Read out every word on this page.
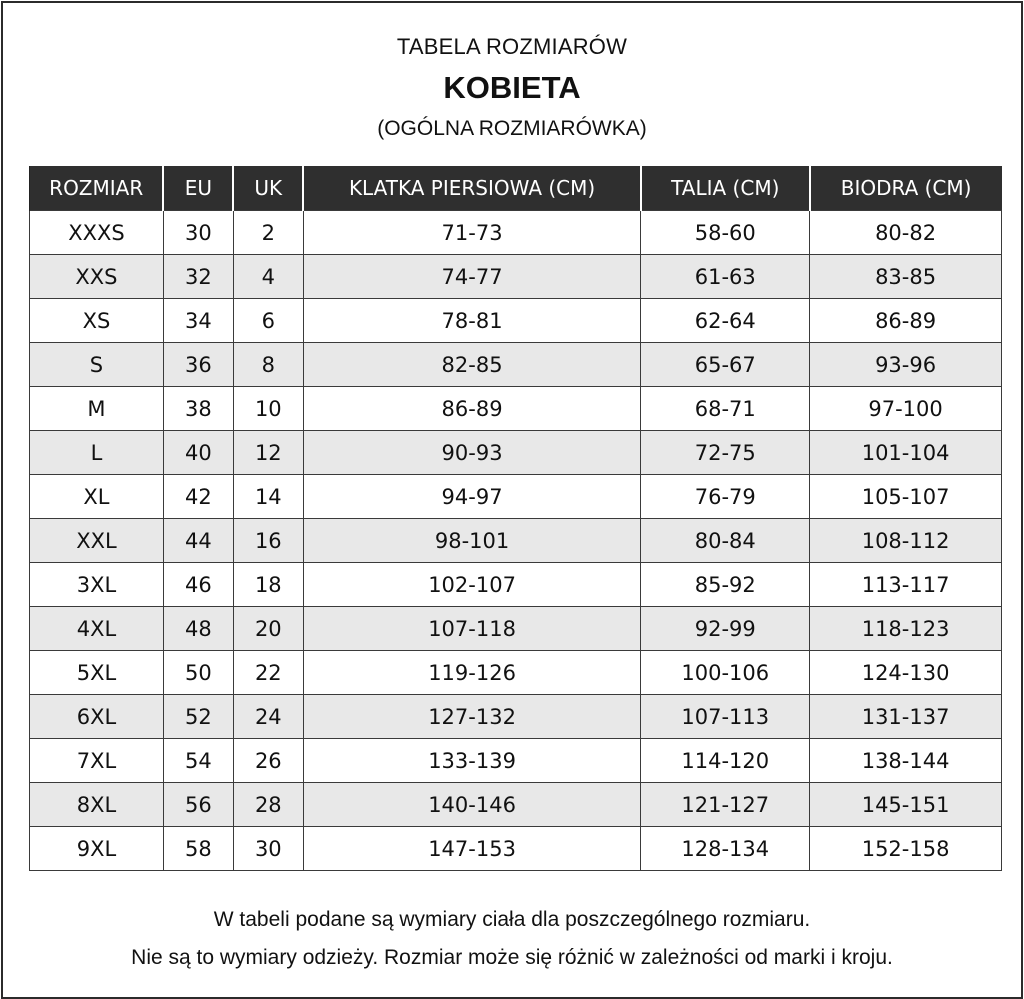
TABELA ROZMIARÓW
KOBIETA
(OGÓLNA ROZMIARÓWKA)
ROZMIAR	EU	UK	KLATKA PIERSIOWA (CM)	TALIA (CM)	BIODRA (CM)
XXXS	30	2	71-73	58-60	80-82
XXS	32	4	74-77	61-63	83-85
XS	34	6	78-81	62-64	86-89
S	36	8	82-85	65-67	93-96
M	38	10	86-89	68-71	97-100
L	40	12	90-93	72-75	101-104
XL	42	14	94-97	76-79	105-107
XXL	44	16	98-101	80-84	108-112
3XL	46	18	102-107	85-92	113-117
4XL	48	20	107-118	92-99	118-123
5XL	50	22	119-126	100-106	124-130
6XL	52	24	127-132	107-113	131-137
7XL	54	26	133-139	114-120	138-144
8XL	56	28	140-146	121-127	145-151
9XL	58	30	147-153	128-134	152-158
W tabeli podane są wymiary ciała dla poszczególnego rozmiaru.
Nie są to wymiary odzieży. Rozmiar może się różnić w zależności od marki i kroju.
